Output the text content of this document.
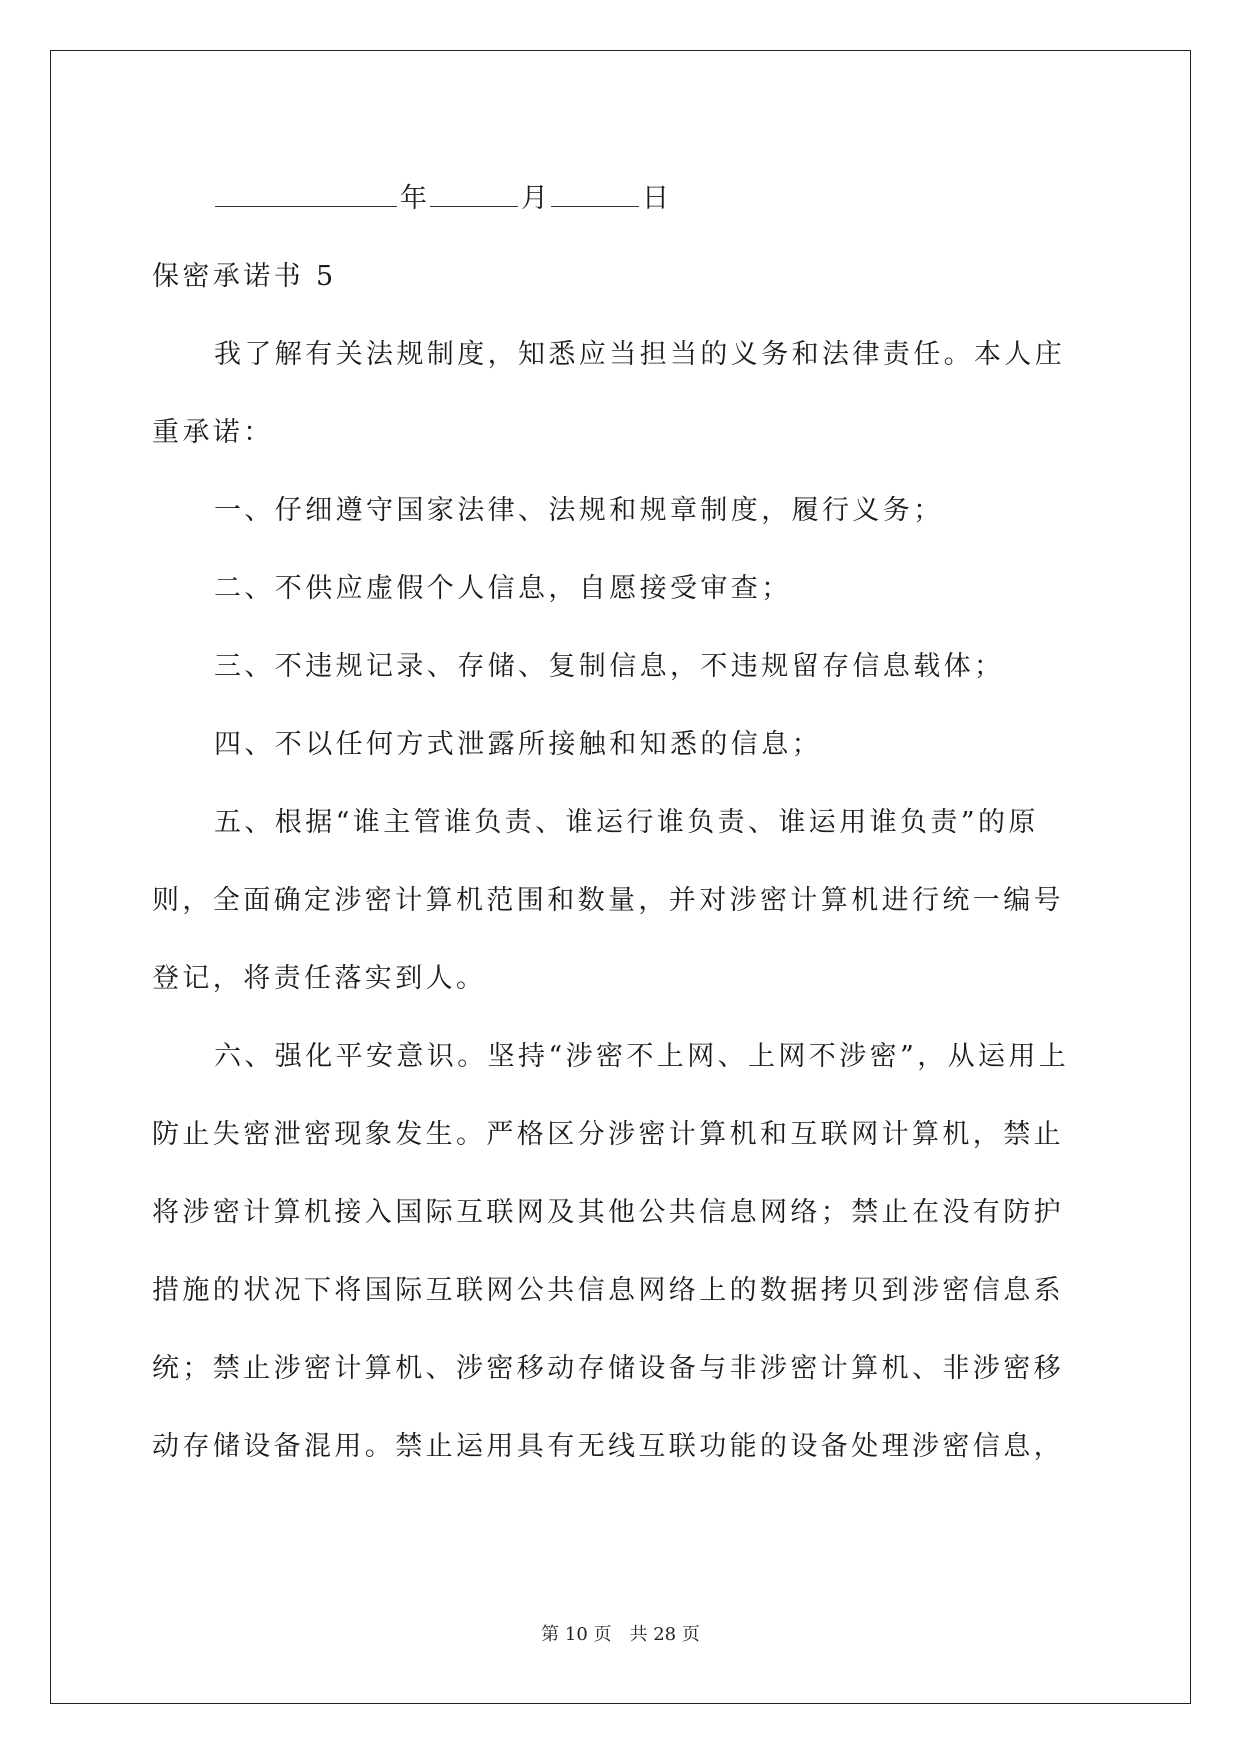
年	月	日
保密承诺书 5
我了解有关法规制度，知悉应当担当的义务和法律责任。本人庄
重承诺：
一、仔细遵守国家法律、法规和规章制度，履行义务；
二、不供应虚假个人信息，自愿接受审查；
三、不违规记录、存储、复制信息，不违规留存信息载体；
四、不以任何方式泄露所接触和知悉的信息；
五、根据“谁主管谁负责、谁运行谁负责、谁运用谁负责”的原
则，全面确定涉密计算机范围和数量，并对涉密计算机进行统一编号
登记，将责任落实到人。
六、强化平安意识。坚持“涉密不上网、上网不涉密”，从运用上
防止失密泄密现象发生。严格区分涉密计算机和互联网计算机，禁止
将涉密计算机接入国际互联网及其他公共信息网络；禁止在没有防护
措施的状况下将国际互联网公共信息网络上的数据拷贝到涉密信息系
统；禁止涉密计算机、涉密移动存储设备与非涉密计算机、非涉密移
动存储设备混用。禁止运用具有无线互联功能的设备处理涉密信息，
第 10 页 共 28 页
